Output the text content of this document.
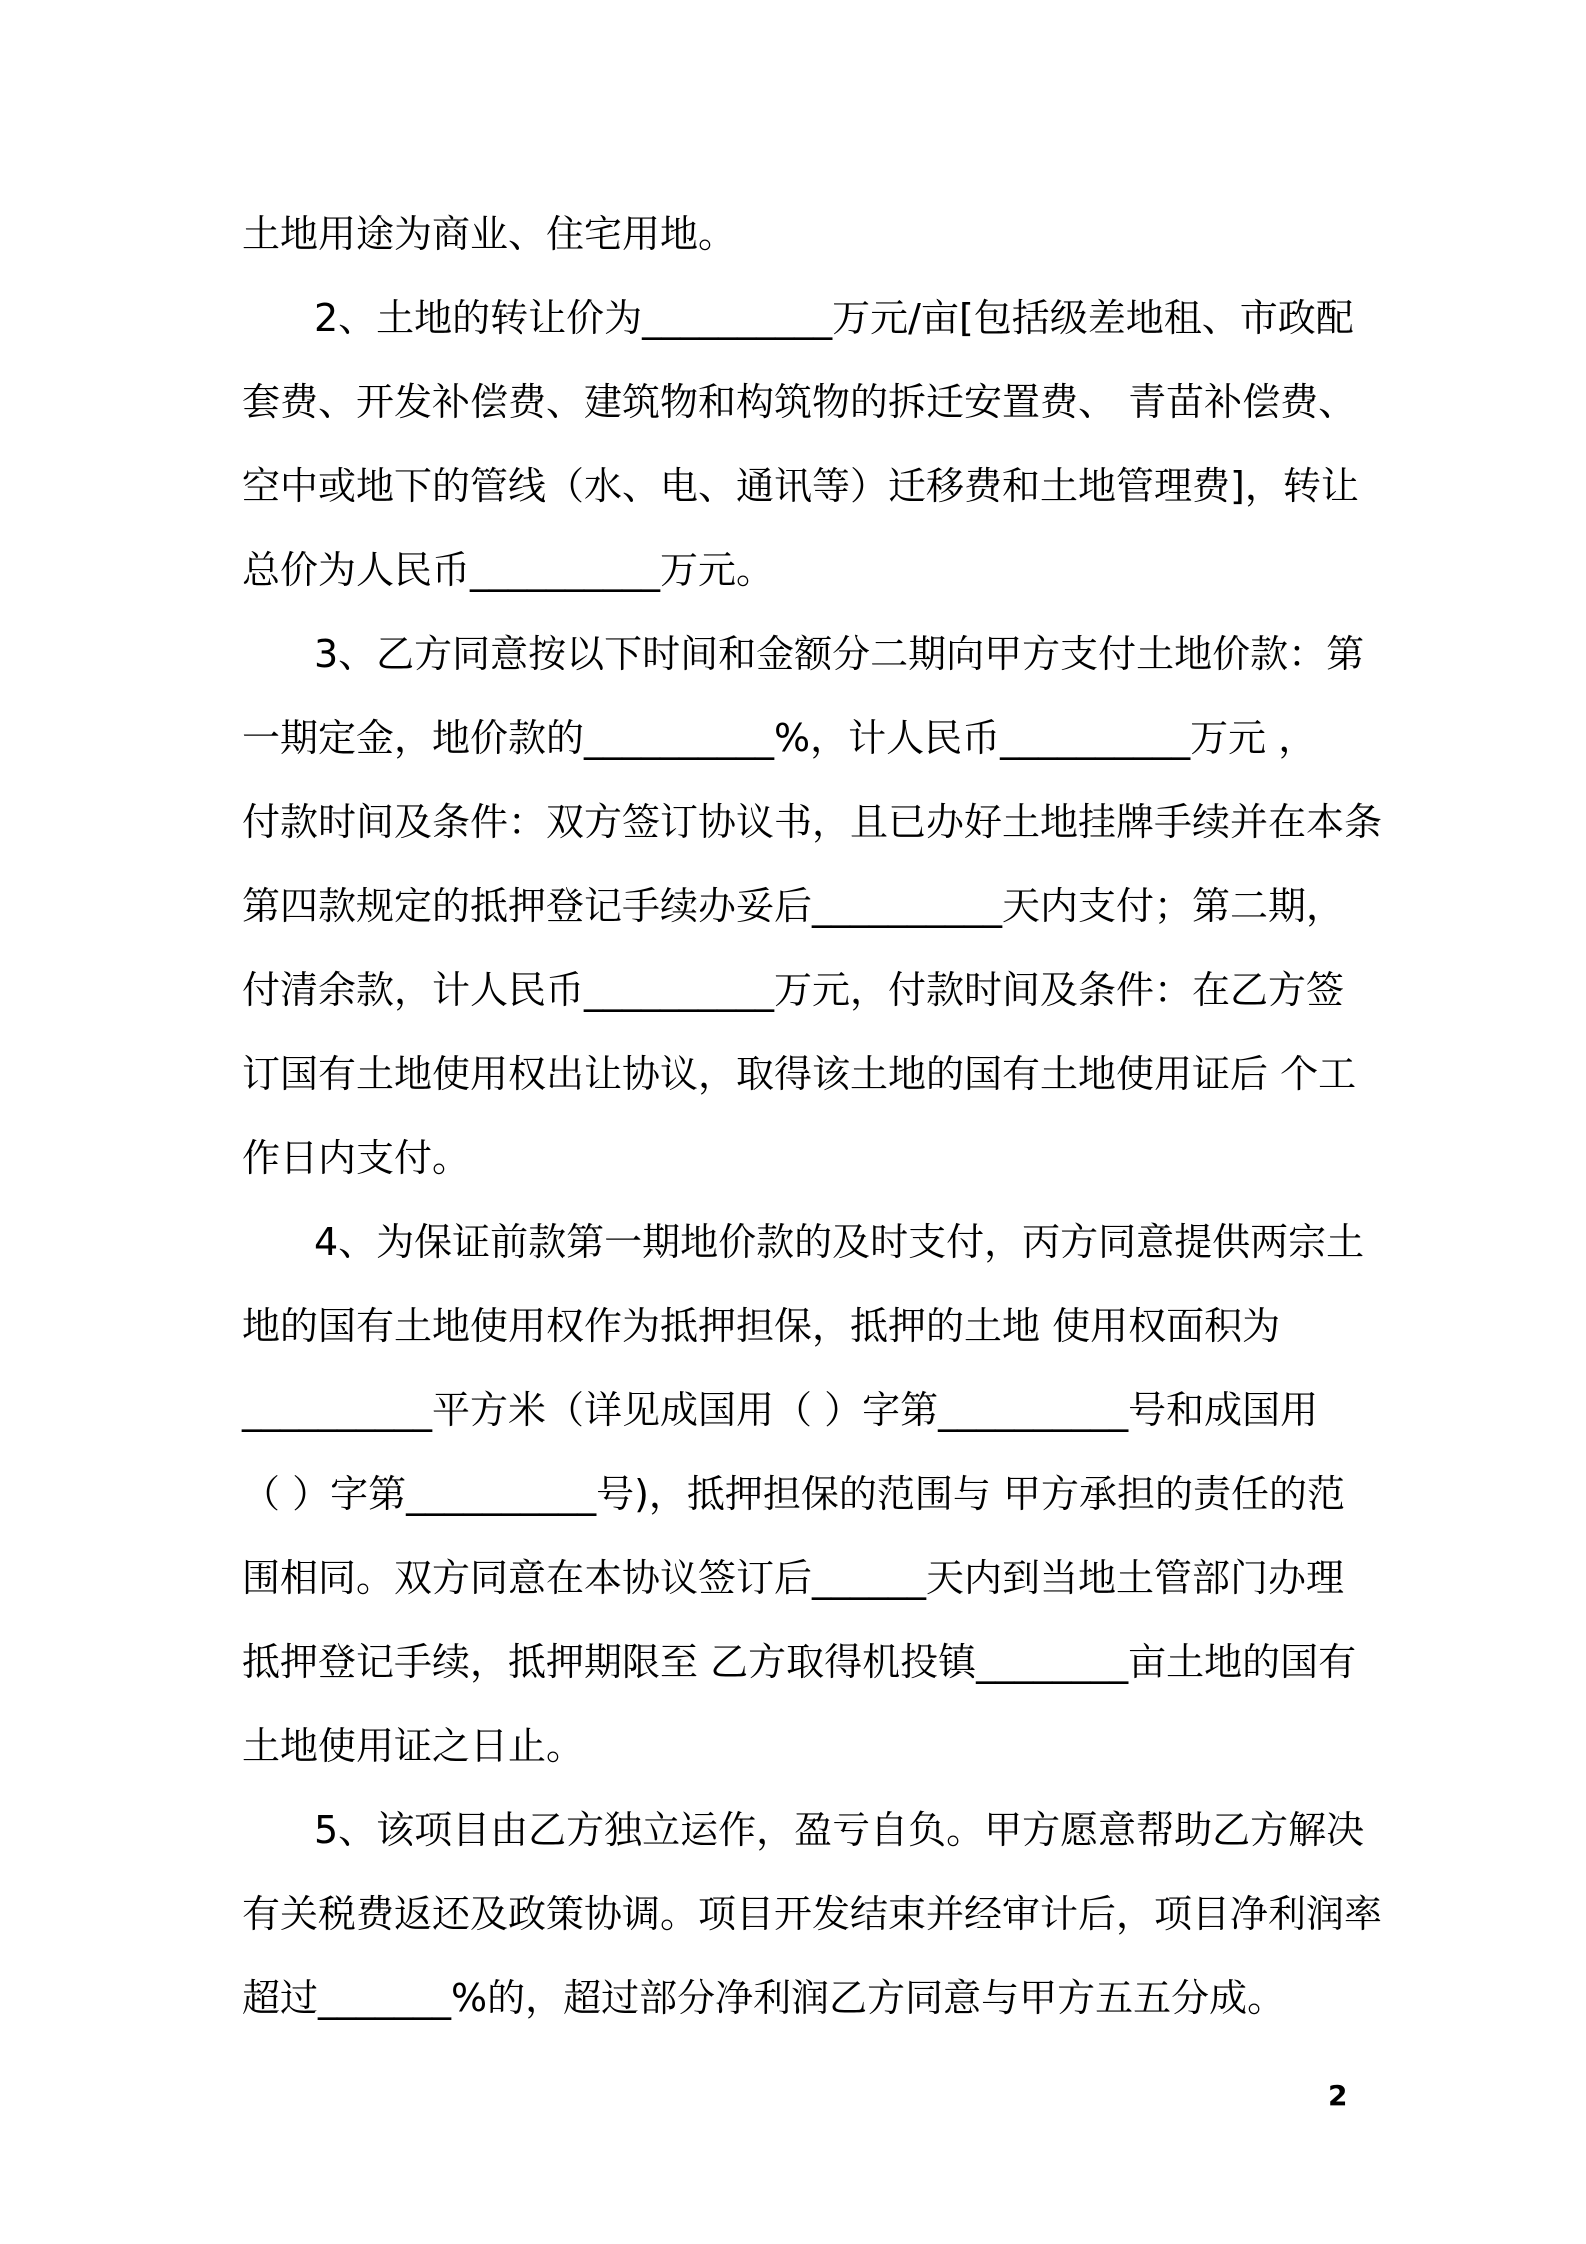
土地用途为商业、住宅用地。
2、土地的转让价为__________万元/亩[包括级差地租、市政配
套费、开发补偿费、建筑物和构筑物的拆迁安置费、 青苗补偿费、
空中或地下的管线（水、电、通讯等）迁移费和土地管理费]，转让
总价为人民币__________万元。
3、乙方同意按以下时间和金额分二期向甲方支付土地价款：第
一期定金，地价款的__________%，计人民币__________万元 ，
付款时间及条件：双方签订协议书，且已办好土地挂牌手续并在本条
第四款规定的抵押登记手续办妥后__________天内支付；第二期，
付清余款，计人民币__________万元，付款时间及条件：在乙方签
订国有土地使用权出让协议，取得该土地的国有土地使用证后 个工
作日内支付。
4、为保证前款第一期地价款的及时支付，丙方同意提供两宗土
地的国有土地使用权作为抵押担保，抵押的土地 使用权面积为
__________平方米（详见成国用（ ）字第__________号和成国用
（ ）字第__________号)，抵押担保的范围与 甲方承担的责任的范
围相同。双方同意在本协议签订后______天内到当地土管部门办理
抵押登记手续，抵押期限至 乙方取得机投镇________亩土地的国有
土地使用证之日止。
5、该项目由乙方独立运作，盈亏自负。甲方愿意帮助乙方解决
有关税费返还及政策协调。项目开发结束并经审计后，项目净利润率
超过_______%的，超过部分净利润乙方同意与甲方五五分成。
2
